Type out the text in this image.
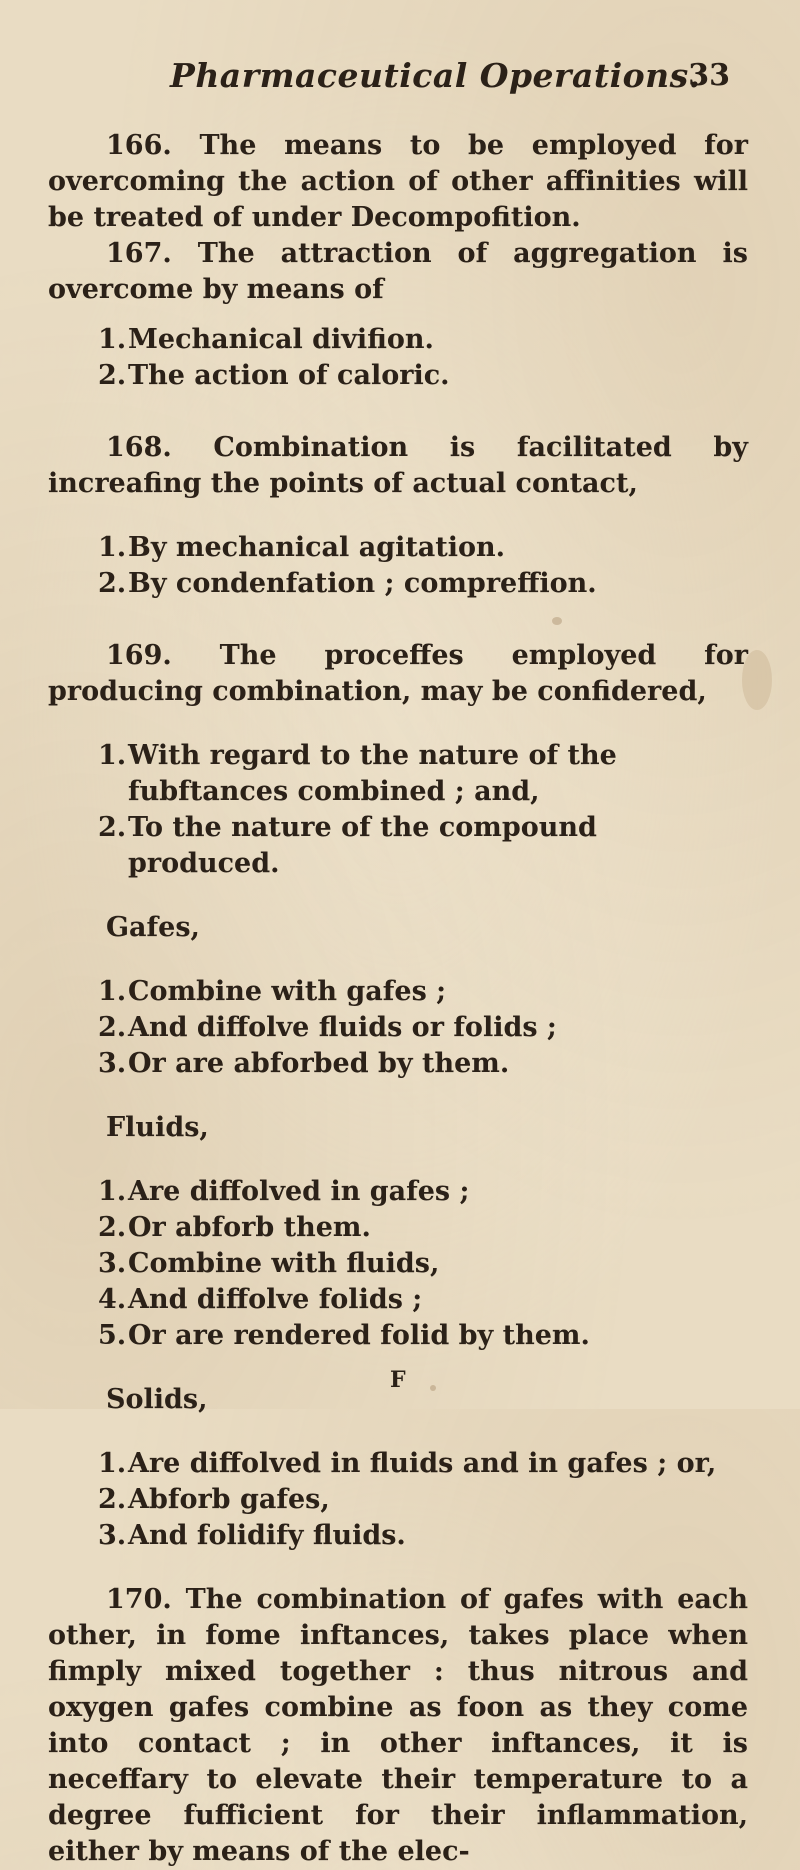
Pharmaceutical Operations.
33

166. The means to be employed for overcoming the action of other affinities will be treated of under Decompofition.

167. The attraction of aggregation is overcome by means of

1.Mechanical divifion.
2.The action of caloric.

168. Combination is facilitated by increafing the points of actual contact,

1.By mechanical agitation.
2.By condenfation ; compreffion.

169. The proceffes employed for producing combination, may be confidered,

1.With regard to the nature of the fubftances combined ; and,
2.To the nature of the compound produced.

Gafes,

1.Combine with gafes ;
2.And diffolve fluids or folids ;
3.Or are abforbed by them.

Fluids,

1.Are diffolved in gafes ;
2.Or abforb them.
3.Combine with fluids,
4.And diffolve folids ;
5.Or are rendered folid by them.

Solids,

1.Are diffolved in fluids and in gafes ; or,
2.Abforb gafes,
3.And folidify fluids.

170. The combination of gafes with each other, in fome inftances, takes place when fimply mixed together : thus nitrous and oxygen gafes combine as foon as they come into contact ; in other inftances, it is neceffary to elevate their temperature to a degree fufficient for their inflammation, either by means of the elec-

F
